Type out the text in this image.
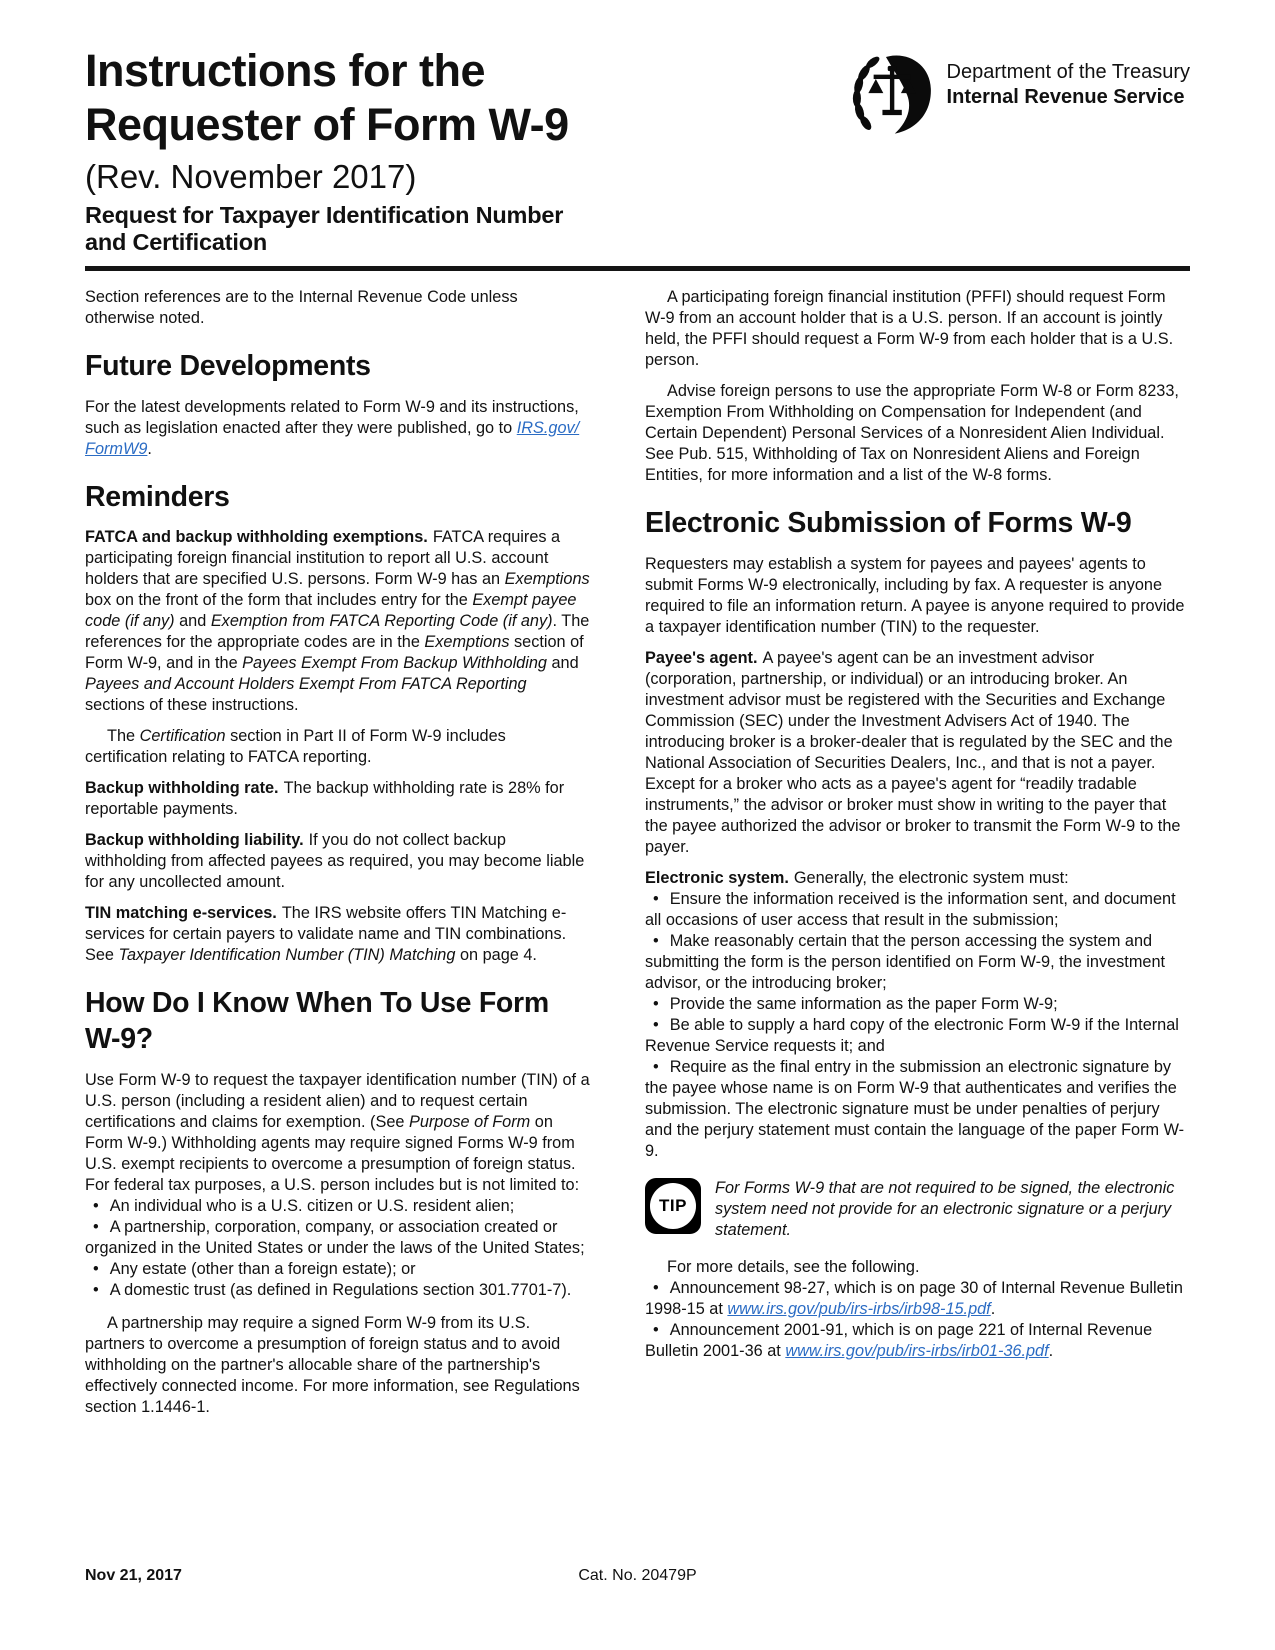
Instructions for the
Requester of Form W-9
(Rev. November 2017)
Request for Taxpayer Identification Number
and Certification
Department of the Treasury
Internal Revenue Service

Section references are to the Internal Revenue Code unless otherwise noted.

Future Developments

For the latest developments related to Form W-9 and its instructions, such as legislation enacted after they were published, go to IRS.gov/​FormW9.

Reminders

FATCA and backup withholding exemptions. FATCA requires a participating foreign financial institution to report all U.S. account holders that are specified U.S. persons. Form W-9 has an Exemptions box on the front of the form that includes entry for the Exempt payee code (if any) and Exemption from FATCA Reporting Code (if any). The references for the appropriate codes are in the Exemptions section of Form W-9, and in the Payees Exempt From Backup Withholding and Payees and Account Holders Exempt From FATCA Reporting sections of these instructions.

The Certification section in Part II of Form W-9 includes certification relating to FATCA reporting.

Backup withholding rate. The backup withholding rate is 28% for reportable payments.

Backup withholding liability. If you do not collect backup withholding from affected payees as required, you may become liable for any uncollected amount.

TIN matching e-services. The IRS website offers TIN Matching e-services for certain payers to validate name and TIN combinations. See Taxpayer Identification Number (TIN) Matching on page 4.

How Do I Know When To Use Form W-9?

Use Form W-9 to request the taxpayer identification number (TIN) of a U.S. person (including a resident alien) and to request certain certifications and claims for exemption. (See Purpose of Form on Form W-9.) Withholding agents may require signed Forms W-9 from U.S. exempt recipients to overcome a presumption of foreign status. For federal tax purposes, a U.S. person includes but is not limited to:

• An individual who is a U.S. citizen or U.S. resident alien;

• A partnership, corporation, company, or association created or organized in the United States or under the laws of the United States;

• Any estate (other than a foreign estate); or

• A domestic trust (as defined in Regulations section 301.7701-7).

A partnership may require a signed Form W-9 from its U.S. partners to overcome a presumption of foreign status and to avoid withholding on the partner's allocable share of the partnership's effectively connected income. For more information, see Regulations section 1.1446-1.

A participating foreign financial institution (PFFI) should request Form W-9 from an account holder that is a U.S. person. If an account is jointly held, the PFFI should request a Form W-9 from each holder that is a U.S. person.

Advise foreign persons to use the appropriate Form W-8 or Form 8233, Exemption From Withholding on Compensation for Independent (and Certain Dependent) Personal Services of a Nonresident Alien Individual. See Pub. 515, Withholding of Tax on Nonresident Aliens and Foreign Entities, for more information and a list of the W-8 forms.

Electronic Submission of Forms W-9

Requesters may establish a system for payees and payees' agents to submit Forms W-9 electronically, including by fax. A requester is anyone required to file an information return. A payee is anyone required to provide a taxpayer identification number (TIN) to the requester.

Payee's agent. A payee's agent can be an investment advisor (corporation, partnership, or individual) or an introducing broker. An investment advisor must be registered with the Securities and Exchange Commission (SEC) under the Investment Advisers Act of 1940. The introducing broker is a broker-dealer that is regulated by the SEC and the National Association of Securities Dealers, Inc., and that is not a payer. Except for a broker who acts as a payee's agent for “readily tradable instruments,” the advisor or broker must show in writing to the payer that the payee authorized the advisor or broker to transmit the Form W-9 to the payer.

Electronic system. Generally, the electronic system must:

• Ensure the information received is the information sent, and document all occasions of user access that result in the submission;

• Make reasonably certain that the person accessing the system and submitting the form is the person identified on Form W-9, the investment advisor, or the introducing broker;

• Provide the same information as the paper Form W-9;

• Be able to supply a hard copy of the electronic Form W-9 if the Internal Revenue Service requests it; and

• Require as the final entry in the submission an electronic signature by the payee whose name is on Form W-9 that authenticates and verifies the submission. The electronic signature must be under penalties of perjury and the perjury statement must contain the language of the paper Form W-9.

TIP

For Forms W-9 that are not required to be signed, the electronic system need not provide for an electronic signature or a perjury statement.

For more details, see the following.

• Announcement 98-27, which is on page 30 of Internal Revenue Bulletin 1998-15 at www.irs.gov/​pub/​irs-irbs/​irb98-15.pdf.

• Announcement 2001-91, which is on page 221 of Internal Revenue Bulletin 2001-36 at www.irs.gov/​pub/​irs-irbs/​irb01-36.pdf.

Nov 21, 2017	Cat. No. 20479P
